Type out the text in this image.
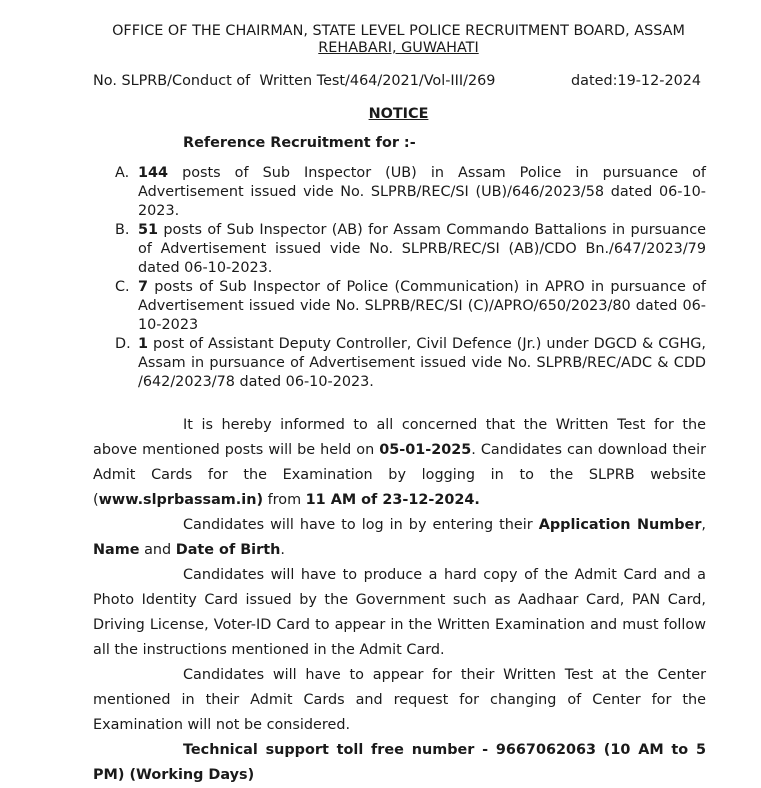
OFFICE OF THE CHAIRMAN, STATE LEVEL POLICE RECRUITMENT BOARD, ASSAM
REHABARI, GUWAHATI
No. SLPRB/Conduct of  Written Test/464/2021/Vol-III/269	dated:19-12-2024
NOTICE
Reference Recruitment for :-
A. 144 posts of Sub Inspector (UB) in Assam Police in pursuance of Advertisement issued vide No. SLPRB/REC/SI (UB)/646/2023/58 dated 06-10-2023.
B. 51 posts of Sub Inspector (AB) for Assam Commando Battalions in pursuance of Advertisement issued vide No. SLPRB/REC/SI (AB)/CDO Bn./647/2023/79 dated 06-10-2023.
C. 7 posts of Sub Inspector of Police (Communication) in APRO in pursuance of Advertisement issued vide No. SLPRB/REC/SI (C)/APRO/650/2023/80 dated 06-10-2023
D. 1 post of Assistant Deputy Controller, Civil Defence (Jr.) under DGCD & CGHG, Assam in pursuance of Advertisement issued vide No. SLPRB/REC/ADC & CDD /642/2023/78 dated 06-10-2023.

It is hereby informed to all concerned that the Written Test for the above mentioned posts will be held on 05-01-2025. Candidates can download their Admit Cards for the Examination by logging in to the SLPRB website (www.slprbassam.in) from 11 AM of 23-12-2024.

Candidates will have to log in by entering their Application Number, Name and Date of Birth.

Candidates will have to produce a hard copy of the Admit Card and a Photo Identity Card issued by the Government such as Aadhaar Card, PAN Card, Driving License, Voter-ID Card to appear in the Written Examination and must follow all the instructions mentioned in the Admit Card.

Candidates will have to appear for their Written Test at the Center mentioned in their Admit Cards and request for changing of Center for the Examination will not be considered.

Technical support toll free number - 9667062063 (10 AM to 5 PM) (Working Days)
